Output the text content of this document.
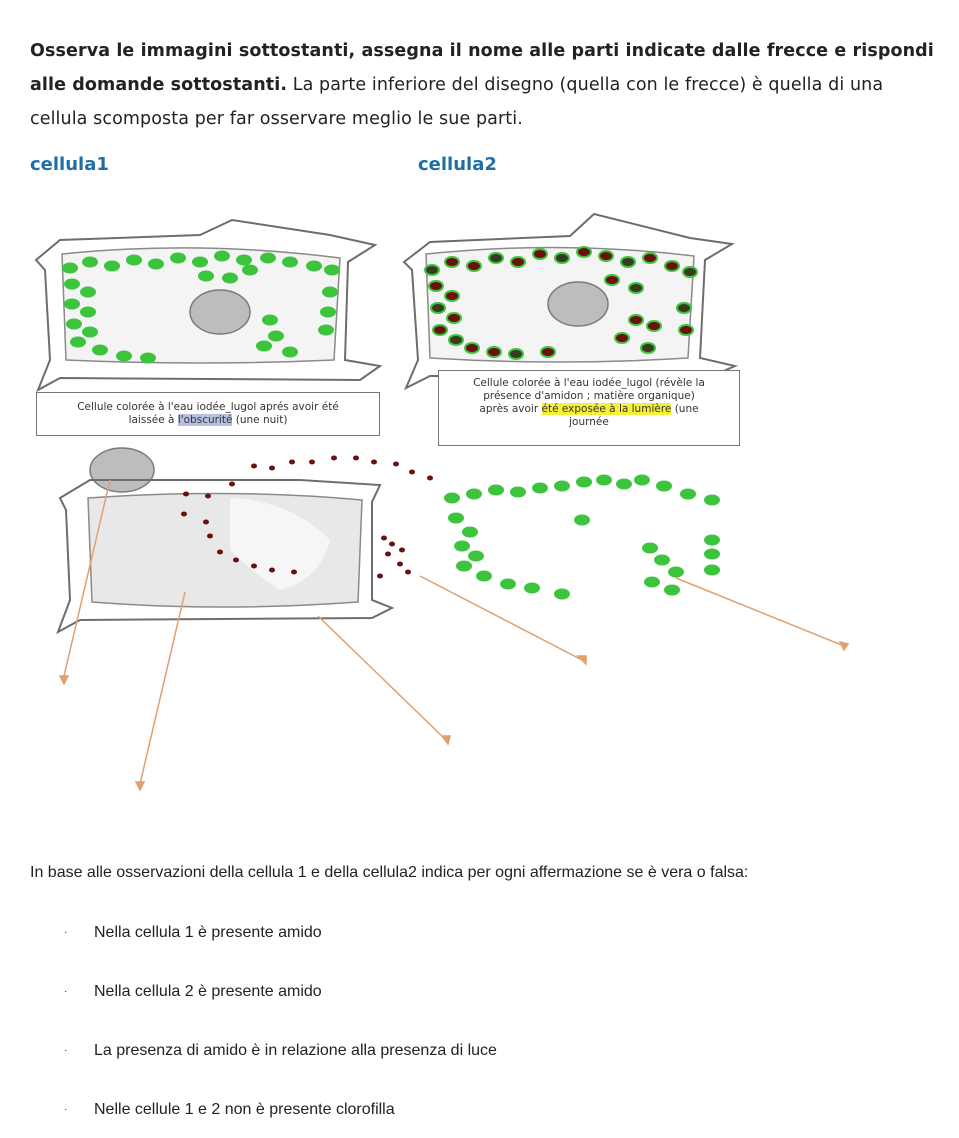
Osserva le immagini sottostanti, assegna il nome alle parti indicate dalle frecce e rispondi alle domande sottostanti. La parte inferiore del disegno (quella con le frecce) è quella di una cellula scomposta per far osservare meglio le sue parti.
cellula1	cellula2
Cellule colorée à l'eau iodée_lugol aprés avoir été
laissée à l'obscurité (une nuit)
Cellule colorée à l'eau iodée_lugol (révèle la
présence d'amidon ; matière organique)
après avoir été exposée à la lumière (une
journée
In base alle osservazioni della cellula 1 e della cellula2 indica per ogni affermazione se è vera o falsa:
· Nella cellula 1 è presente amido
· Nella cellula 2 è presente amido
· La presenza di amido è in relazione alla presenza di luce
· Nelle cellule 1 e 2 non è presente clorofilla
